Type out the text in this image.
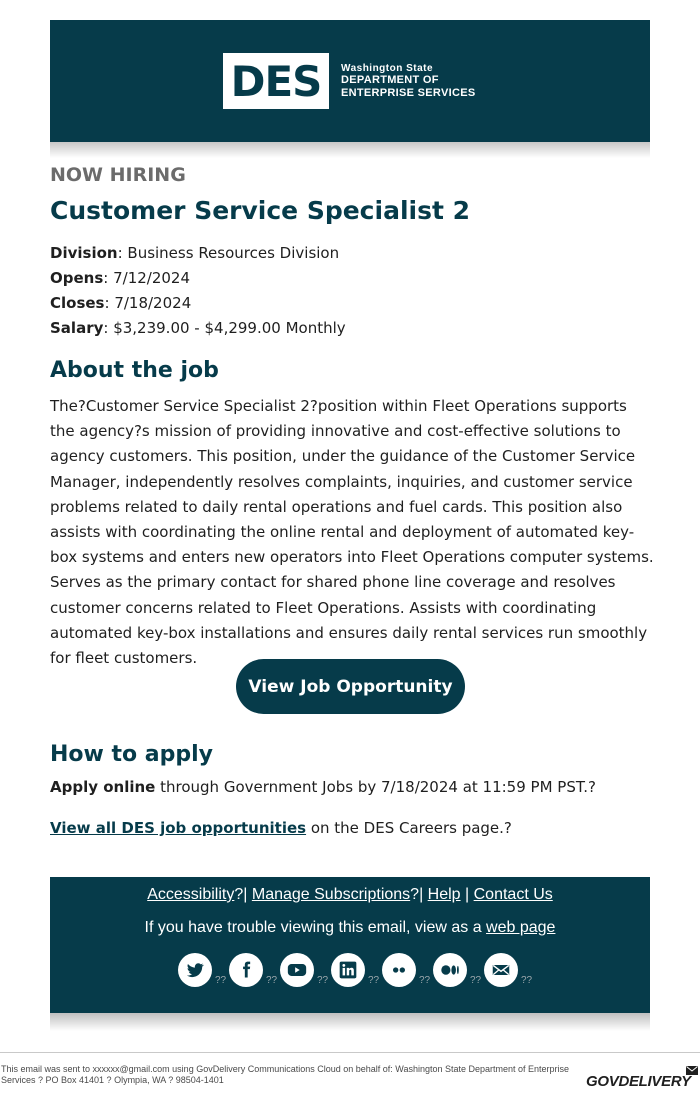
DES	Washington State
DEPARTMENT OF
ENTERPRISE SERVICES
NOW HIRING
Customer Service Specialist 2
Division: Business Resources Division
Opens: 7/12/2024
Closes: 7/18/2024
Salary: $3,239.00 - $4,299.00 Monthly
About the job
The?Customer Service Specialist 2?position within Fleet Operations supports the agency?s mission of providing innovative and cost-effective solutions to agency customers. This position, under the guidance of the Customer Service Manager, independently resolves complaints, inquiries, and customer service problems related to daily rental operations and fuel cards. This position also assists with coordinating the online rental and deployment of automated key-box systems and enters new operators into Fleet Operations computer systems. Serves as the primary contact for shared phone line coverage and resolves customer concerns related to Fleet Operations. Assists with coordinating automated key-box installations and ensures daily rental services run smoothly for fleet customers.
View Job Opportunity
How to apply
Apply online through Government Jobs by 7/18/2024 at 11:59 PM PST.?
View all DES job opportunities on the DES Careers page.?
Accessibility?| Manage Subscriptions?| Help | Contact Us
If you have trouble viewing this email, view as a web page
??	??	??	??	??	??	??
This email was sent to xxxxxx@gmail.com using GovDelivery Communications Cloud on behalf of: Washington State Department of Enterprise Services ? PO Box 41401 ? Olympia, WA ? 98504-1401	GOVDELIVERY
